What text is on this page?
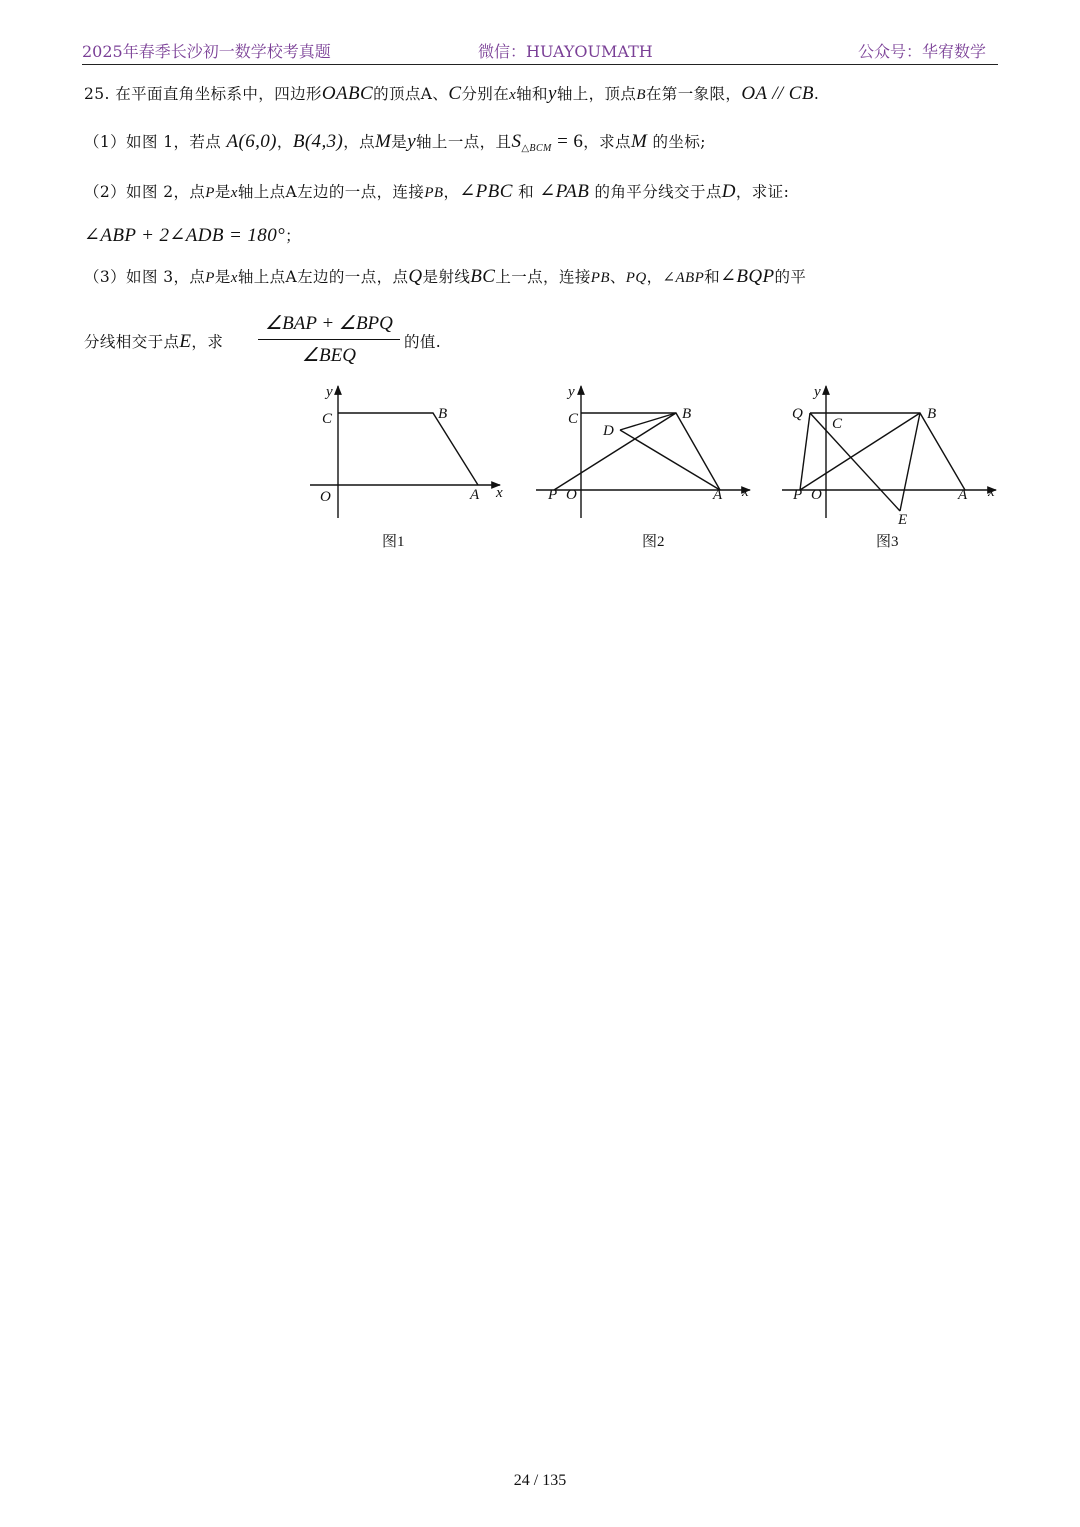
2025年春季长沙初一数学校考真题	微信：HUAYOUMATH	公众号：华宥数学
25. 在平面直角坐标系中，四边形OABC的顶点A、C分别在x轴和y轴上，顶点B在第一象限，OA // CB.
（1）如图 1，若点 A(6,0)，B(4,3)，点M是y轴上一点，且$S_{\triangle BCM} = 6$，求点M 的坐标;
（2）如图 2，点P是x轴上点A左边的一点，连接PB，∠PBC 和 ∠PAB 的角平分线交于点D，求证:
∠ABP + 2∠ADB = 180°；
（3）如图 3，点P是x轴上点A左边的一点，点Q是射线BC上一点，连接PB、PQ，∠ABP和∠BQP的平
分线相交于点E，求
∠BAP + ∠BPQ
∠BEQ
的值.
y
x
C	B
O	A
图1
y
x
C	B
D
P O	A
图2
y
x
Q
C
B
P O	A
E
图3
24 / 135
